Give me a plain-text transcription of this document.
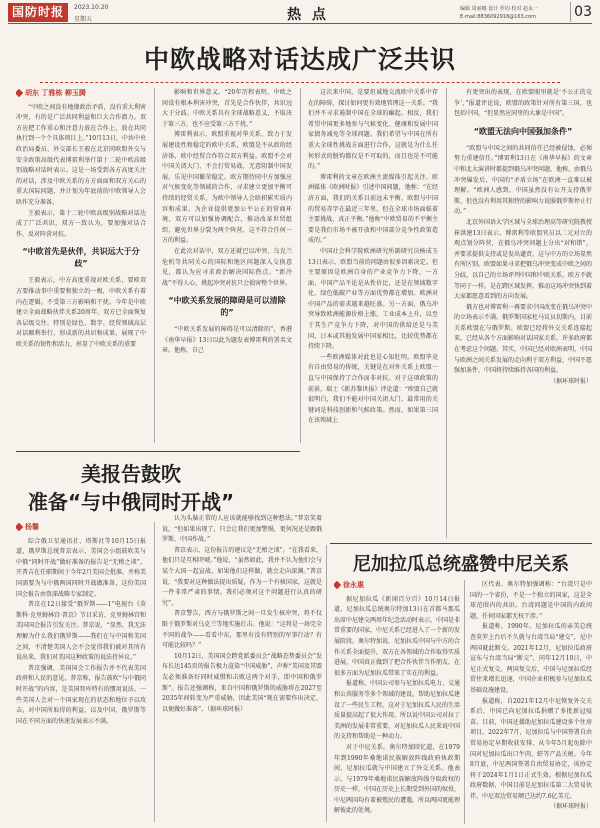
国防时报	2023.10.20
星期五	热 点	编辑 周丽娜 设计 罗钧 校对 赵永一
E-mail:8836092918@163.com	03
中欧战略对话达成广泛共识
胡东 丁雅栋 柳玉腾

“中欧之间没有地缘政治矛盾，没有重大利害冲突，有的是广泛共同利益和巨大合作潜力。双方应把工作重心和注意力放在合作上，放在共同执行到一个个具体项目上。”10月13日，中共中央政治局委员、外交部长王毅在北京同欧盟外交与安全政策高级代表博雷利举行第十二轮中欧高级别战略对话时表示。这是一场受到各方高度关注的对话，涉及中欧关系的方方面面和双方关心的重大国际问题，并计划为年底前的中欧领导人会晤作充分准备。

王毅表示，第十二轮中欧高级别战略对话达成了广泛共识，双方一致认为，要加强对话合作，反对阵营对抗。

“中欧首先是伙伴，共识远大于分歧”

王毅表示，中方高度重视对欧关系，要欧双方要推动事中重要和独立的一极，中欧关系有着内在逻辑。不受第三方影响和干扰。今年是中欧建立全面战略伙伴关系20周年，双方已全面恢复各层级交往，特别是绿色、数字、经贸领域高层对话顺利举行，形成新的共识和成果，展现了中欧关系的韧性和活力，彰显了中欧关系的重要

影响和世界意义。“20年历程表明，中欧之间没有根本利害冲突，首先是合作伙伴，共识远大于分歧。中欧关系具有全球战略意义，不取决于第三方，也不应受第三方干扰。”

博雷利表示，欧盟重视对华关系，致力于发展建设性和稳定的欧中关系，欧盟是不从政的经济体，欧中经贸合作符合双方利益。欧盟不会对中国关闭大门，不会打贸易战，无意阻制中国发展。乐见中国繁荣稳定。欧方期待同中方加强应对气候变化等领域的合作，寻求建立更加平衡可持续的经贸关系，为欧中领导人会晤积累实质内容和成果。为企业提供更加公平公正的营商环境，双方可以加强协调配合，推动改革世贸组织，避免世界分裂为两个阵营，这不符合任何一方的利益。

在此次对话中，双方还就巴以冲突、乌克兰危机等共同关心的国际和地区问题深入交换意见，都认为应寻求政治解决国际热点。“新冷战”不得人心，挑起冲突对抗只会损害整个世界。

“中欧关系发展的障碍是可以清除的”

“中欧关系发展的障碍是可以清除的”，香港《南华早报》13日以此为题发表博雷利的署名文章。他称，自己

这次来中国，是要坦诚地交流欧中关系中存在的障碍，探讨如何更有效地管理这一关系。“我们并不寻求遏制中国在全球的崛起。相反，我们希望中国更多地参与气候变化、健康和发展中国家债务减免等全球问题。我们希望与中国在所有重大全球性挑战方面进行合作，这就是为什么任何形式的脱钩都仅是不可取的，而且也是不可能的。”

博雷利的文章在欧洲主流媒体引起关注。欧洲媒体《欧洲时报》引述中国问题，他称：“在经济方面，我们的关系目前远未平衡，欧盟与中国的贸易赤字在最近三年里，但在全球市场面临着主要挑战，真正平衡。”他称“中欧贸易的不平衡主要是我们市场不被开放和中国部分竞争性政策造成的。”

中国社会科学院欧洲研究所副研究员杨成玉13日表示，欧盟当前的问题由很多因素决定。但主要原因是欧洲自身的产业竞争力下降，一方面，中国产品不论是从性价比，还是在领域数字化、绿色低碳产业等方面优势都在增加。欧洲对中国产品的需求越来越旺盛。另一方面，俄乌冲突导致欧洲能源价格上涨，工业成本上升，以至于其生产竞争力下降，对中国的供给还是与美国、日本或其他发展中国家相比，比较优势都在持续下降。

一些欧洲媒体对此也是心知肚明。欧盟毕竟有自由贸易的传统，关键是在对外关系上欧盟一直与中国保持了合作而非对抗。对于这项政策的前景，瑞士《新苏黎世报》评论道：“欧盟自己就很明白，我们不能对中国关闭大门，最常用的关键词是科技创新和气候政策。然而，如果第三国在该领域上

有更突出的表现，在欧盟眼里就是‘不公正的竞争’，”报道评论说，欧盟的政策针对所有第三国，也包括中国，“但显然应同里的大象是中国”。

“欧盟无法向中国强加条件”

“欧盟与中国之间的共同信任已经被侵蚀，必须努力重建信任。”博雷利13日在《南华早报》的文章中和北大演讲时都提到俄乌冲突问题，他称，由俄乌冲突爆发后，中国的“矛盾立场”在欧洲一直难以被理解。“欧洲人感到，中国虽然没有公开支持俄罗斯，但也没有利用其独特的影响力说服俄罗斯停止行动。”

北京外国语大学区域与全球治理高等研究院教授崔洪建13日表示，博雷利等欧盟官员以二元对立的观点划分阵营，在俄乌冲突问题上分出“对和错”，并要求提供支持或是发出谴责。这与中方的立场显然有所区别。欧盟如果寻求把俄乌冲突变成中欧之间的分歧，以自己的立场评判中国和中欧关系，欧方不就等同于一样，是在跨区域发挥，推动这场冲突快到着大家都愿意看到的方向发展。

俄方也对博雷利一再要求中国改变在俄乌冲突中的立场表示不满。俄罗斯国家杜马议员切斯内，目前关系欧盟在与俄罗斯、欧盟已经将外交关系连接起来，已经从各个方面影响对话国家关系，许多政府都在考虑这个问题。其实，中国已经对欧洲表明，中国与欧洲之间关系发展的走向利于双方利益，中国不愿强加条件，中国将持续维持各国的利益。

（据环球时报）
美报告鼓吹
准备“与中俄同时开战”
杨馨

综合俄卫星通讯社、塔斯社等10月15日报道，俄罗斯总统普京表示，美国会小组鼓吹美与中俄“同时开战”做好准备的报告是“无稽之谈”。开普吉在任职期间于今年2月美国会批准，并称美国需要为与中俄两国同时开战做准备，这份美国国会报告由资深战略专家制定。

普京在12日接受“俄罗斯——1”电视台《莫斯科·克里姆林宫·普京》节目采访，克里姆林宫和美国国会报告引发关注。普京说，“显然，我无法理解为什么我们俄罗斯——我们在与中国和美国之间，不清楚美国人会不会觉得我们被对其所有说出来。我们对美国这种政策的说法持异议。”

普京强调，美国国会工作报告并不代表美国政府和人民的意见。普京称，报告鼓吹“与中俄同时开战”的内容，是美国智库特有的惯用说法。一些美国人会对一个国家现在的状态和地位予以攻击，对中国所取得的利益，以及中国、俄罗斯等国在不同方面的快速发展表示不满。

认为头脑正常的人应该就能够找到这种想法。”普京笑着说，“但如果出现了，只会让我们更加警惕，更何况还是跟俄罗斯、中国作战。”

普京表示，这份报告的建议是“无稽之谈”。“在我看来，他们只是互相吓唬。”他说，“虽然如此，我并不认为他们会与某个大国一起宣战，如果他们这样做，就会走向深渊。”普京说，“我要对这种做法提出质疑，作为一个有核国家，这就是一件非常严肃的事情。我们必须对这个问题进行认真的研究”。

普京警告，西方与俄罗斯之间一旦发生核冲突，将不仅限于俄罗斯对乌克兰等地实施打击。他说：“这将是一场完全不同的战争——看看中东，那里有没有特别的军事行动？有可能比较吗？”

10月12日，美国国会跨党派委员会“战略态势委员会”发布长达145页的报告极力渲染“中国威胁”，声称“美国及其盟友必须准备好同时威慑和击败这两个对手，即中国和俄罗斯”。报告还强调称，来自中国和俄罗斯的威胁将在2027至2035年间转变为严重威胁，因此美国“现在需要作出决定，以便做好准备”。（据环球时报）

尼加拉瓜总统盛赞中尼关系
徐永惠

据尼加拉瓜《新闻百分百》10月14日报道，尼加拉瓜总统奥尔特加13日在首都马那瓜出席中尼建交两周年纪念活动时表示，中国是非常重要的国家，中尼关系已经进入了一个新的发展阶段。奥尔特加说，尼加拉瓜中国与中方的合作关系全面提升，双方在各领域的合作取得实质进展，中国真正做到了把合作伙伴当作朋友，在很多方面为尼加拉瓜带来了实在的利益。

报道称，中国公司参与尼加拉瓜电力、交通和公共服务等多个领域的建设，帮助尼加拉瓜建设了一些民生工程，这对于尼加拉瓜人民的生活质量提高起了很大作用，所以说中国公司对拉丁美洲的发展非常重要，对尼加拉瓜人民来说中国的支持和帮助是一种动力。

对于中尼关系，奥尔特加回忆道，在1979年到1990年桑地诺民族解放阵线政府执政期间，尼加拉瓜就与中国建立了外交关系。他表示，与1979年桑地诺民族解放阵线夺取政权的历史一样，中国在历史上长期受到外国的奴役，中尼两国均有着被殖民的遭遇，所以两国更能理解彼此的处境。

区代表、奥尔特加强调称：“台湾只是中国的一个省份，不是一个独立的国家，这是全球范围内的共识。台湾问题是中国的内政问题，任何国家都无权干涉。”

报道称，1990年，尼加拉瓜的亲美总统查莫罗上台后不久就与台湾当局“建交”，尼中两国就此断交。2021年12月，尼加拉瓜政府宣布与台湾当局“断交”，同年12月10日，中尼正式复交。两国复交后，中国与尼加拉瓜经贸往来增长迅速，中国企业积极参与尼加拉瓜基础设施建设。

报道称，自2021年12月中尼恢复外交关系后，中国已向尼加拉瓜捐赠了多批新冠疫苗。目前，中国还援助尼加拉瓜建设多个住房项目。2022年7月，尼加拉瓜与中国签署自由贸易协定早期收获安排，从今年5月起免除中国对尼加拉瓜出口牛肉、虾等产品关税。今年8月底，中尼两国签署自由贸易协定，该协定将于2024年1月1日正式生效。根据尼加拉瓜政府数据，中国目前是尼加拉瓜第二大贸易伙伴，中尼双边贸易额已达约7.6亿美元。

（据环球时报）
